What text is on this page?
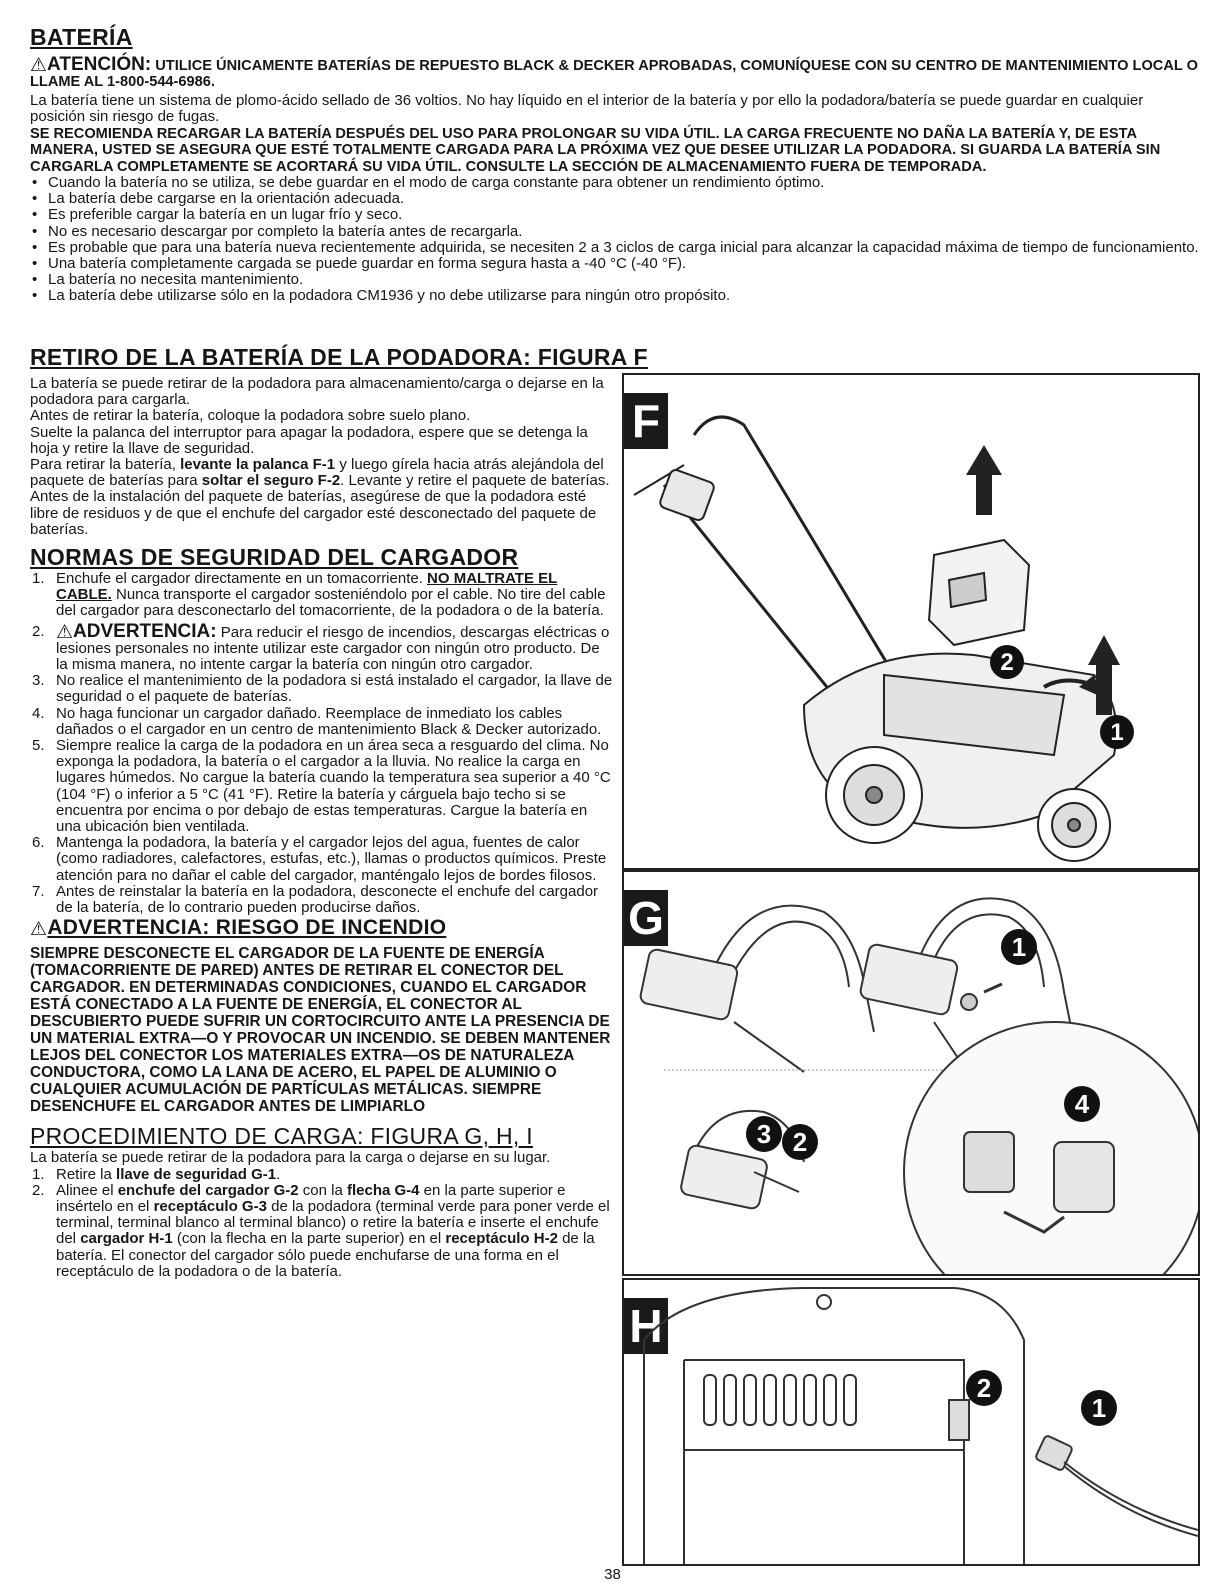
BATERÍA

⚠ATENCIÓN: UTILICE ÚNICAMENTE BATERÍAS DE REPUESTO BLACK & DECKER APROBADAS, COMUNÍQUESE CON SU CENTRO DE MANTENIMIENTO LOCAL O LLAME AL 1-800-544-6986.

La batería tiene un sistema de plomo-ácido sellado de 36 voltios. No hay líquido en el interior de la batería y por ello la podadora/batería se puede guardar en cualquier posición sin riesgo de fugas.

SE RECOMIENDA RECARGAR LA BATERÍA DESPUÉS DEL USO PARA PROLONGAR SU VIDA ÚTIL. LA CARGA FRECUENTE NO DAÑA LA BATERÍA Y, DE ESTA MANERA, USTED SE ASEGURA QUE ESTÉ TOTALMENTE CARGADA PARA LA PRÓXIMA VEZ QUE DESEE UTILIZAR LA PODADORA. SI GUARDA LA BATERÍA SIN CARGARLA COMPLETAMENTE SE ACORTARÁ SU VIDA ÚTIL. CONSULTE LA SECCIÓN DE ALMACENAMIENTO FUERA DE TEMPORADA.

• Cuando la batería no se utiliza, se debe guardar en el modo de carga constante para obtener un rendimiento óptimo.
• La batería debe cargarse en la orientación adecuada.
• Es preferible cargar la batería en un lugar frío y seco.
• No es necesario descargar por completo la batería antes de recargarla.
• Es probable que para una batería nueva recientemente adquirida, se necesiten 2 a 3 ciclos de carga inicial para alcanzar la capacidad máxima de tiempo de funcionamiento.
• Una batería completamente cargada se puede guardar en forma segura hasta a -40 °C (-40 °F).
• La batería no necesita mantenimiento.
• La batería debe utilizarse sólo en la podadora CM1936 y no debe utilizarse para ningún otro propósito.
RETIRO DE LA BATERÍA DE LA PODADORA: FIGURA F

La batería se puede retirar de la podadora para almacenamiento/carga o dejarse en la podadora para cargarla.

Antes de retirar la batería, coloque la podadora sobre suelo plano.

Suelte la palanca del interruptor para apagar la podadora, espere que se detenga la hoja y retire la llave de seguridad.

Para retirar la batería, levante la palanca F-1 y luego gírela hacia atrás alejándola del paquete de baterías para soltar el seguro F-2. Levante y retire el paquete de baterías.

Antes de la instalación del paquete de baterías, asegúrese de que la podadora esté libre de residuos y de que el enchufe del cargador esté desconectado del paquete de baterías.

NORMAS DE SEGURIDAD DEL CARGADOR
1. Enchufe el cargador directamente en un tomacorriente. NO MALTRATE EL CABLE. Nunca transporte el cargador sosteniéndolo por el cable. No tire del cable del cargador para desconectarlo del tomacorriente, de la podadora o de la batería.
2. ⚠ADVERTENCIA: Para reducir el riesgo de incendios, descargas eléctricas o lesiones personales no intente utilizar este cargador con ningún otro producto. De la misma manera, no intente cargar la batería con ningún otro cargador.
3. No realice el mantenimiento de la podadora si está instalado el cargador, la llave de seguridad o el paquete de baterías.
4. No haga funcionar un cargador dañado. Reemplace de inmediato los cables dañados o el cargador en un centro de mantenimiento Black & Decker autorizado.
5. Siempre realice la carga de la podadora en un área seca a resguardo del clima. No exponga la podadora, la batería o el cargador a la lluvia. No realice la carga en lugares húmedos. No cargue la batería cuando la temperatura sea superior a 40 °C (104 °F) o inferior a 5 °C (41 °F). Retire la batería y cárguela bajo techo si se encuentra por encima o por debajo de estas temperaturas. Cargue la batería en una ubicación bien ventilada.
6. Mantenga la podadora, la batería y el cargador lejos del agua, fuentes de calor (como radiadores, calefactores, estufas, etc.), llamas o productos químicos. Preste atención para no dañar el cable del cargador, manténgalo lejos de bordes filosos.
7. Antes de reinstalar la batería en la podadora, desconecte el enchufe del cargador de la batería, de lo contrario pueden producirse daños.
⚠ADVERTENCIA: RIESGO DE INCENDIO

SIEMPRE DESCONECTE EL CARGADOR DE LA FUENTE DE ENERGÍA (TOMACORRIENTE DE PARED) ANTES DE RETIRAR EL CONECTOR DEL CARGADOR. EN DETERMINADAS CONDICIONES, CUANDO EL CARGADOR ESTÁ CONECTADO A LA FUENTE DE ENERGÍA, EL CONECTOR AL DESCUBIERTO PUEDE SUFRIR UN CORTOCIRCUITO ANTE LA PRESENCIA DE UN MATERIAL EXTRA—O Y PROVOCAR UN INCENDIO. SE DEBEN MANTENER LEJOS DEL CONECTOR LOS MATERIALES EXTRA—OS DE NATURALEZA CONDUCTORA, COMO LA LANA DE ACERO, EL PAPEL DE ALUMINIO O CUALQUIER ACUMULACIÓN DE PARTÍCULAS METÁLICAS. SIEMPRE DESENCHUFE EL CARGADOR ANTES DE LIMPIARLO

PROCEDIMIENTO DE CARGA: FIGURA G, H, I

La batería se puede retirar de la podadora para la carga o dejarse en su lugar.

1. Retire la llave de seguridad G-1.
2. Alinee el enchufe del cargador G-2 con la flecha G-4 en la parte superior e insértelo en el receptáculo G-3 de la podadora (terminal verde para poner verde el terminal, terminal blanco al terminal blanco) o retire la batería e inserte el enchufe del cargador H-1 (con la flecha en la parte superior) en el receptáculo H-2 de la batería. El conector del cargador sólo puede enchufarse de una forma en el receptáculo de la podadora o de la batería.
F
2
1
G
1
3 2
4
H
2
1
38
